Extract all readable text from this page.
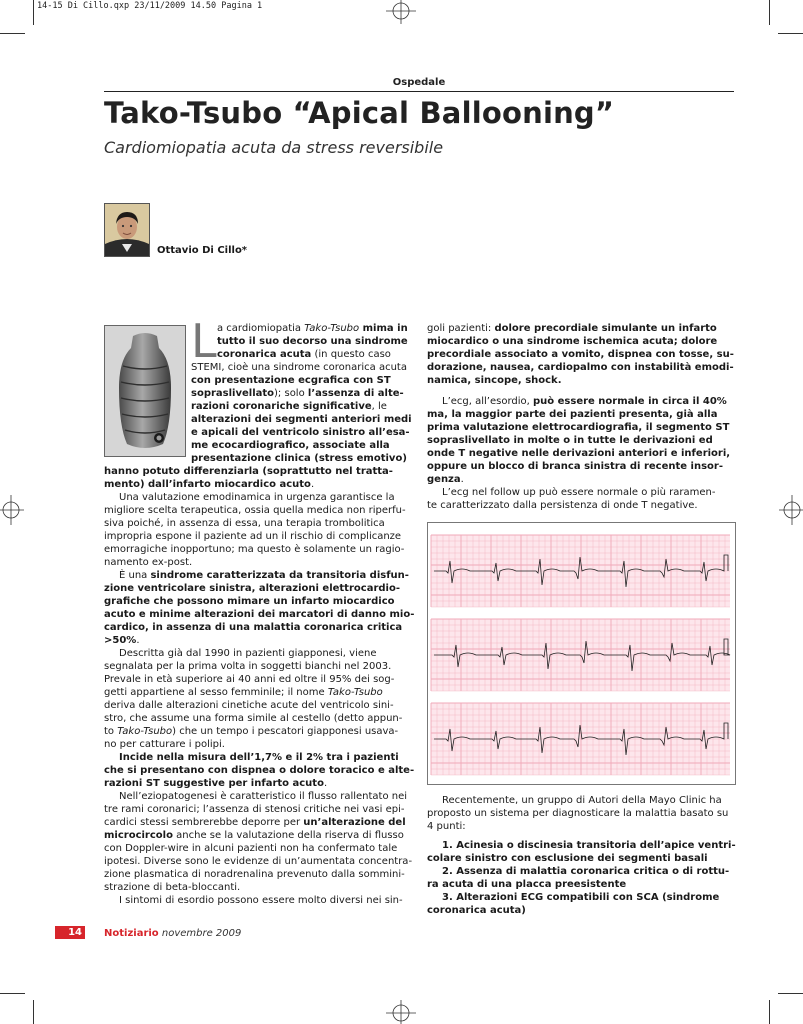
14-15 Di Cillo.qxp 23/11/2009 14.50 Pagina 1
Ospedale
Tako-Tsubo “Apical Ballooning”
Cardiomiopatia acuta da stress reversibile
Ottavio Di Cillo*
L a cardiomiopatia Tako-Tsubo mima in
tutto il suo decorso una sindrome
coronarica acuta (in questo caso
STEMI, cioè una sindrome coronarica acuta
con presentazione ecgrafica con ST
sopraslivellato); solo l’assenza di alte-
razioni coronariche significative, le
alterazioni dei segmenti anteriori medi
e apicali del ventricolo sinistro all’esa-
me ecocardiografico, associate alla
presentazione clinica (stress emotivo)
hanno potuto differenziarla (soprattutto nel tratta-
mento) dall’infarto miocardico acuto.
Una valutazione emodinamica in urgenza garantisce la
migliore scelta terapeutica, ossia quella medica non riperfu-
siva poiché, in assenza di essa, una terapia trombolitica
impropria espone il paziente ad un il rischio di complicanze
emorragiche inopportuno; ma questo è solamente un ragio-
namento ex-post.
È una sindrome caratterizzata da transitoria disfun-
zione ventricolare sinistra, alterazioni elettrocardio-
grafiche che possono mimare un infarto miocardico
acuto e minime alterazioni dei marcatori di danno mio-
cardico, in assenza di una malattia coronarica critica
>50%.
Descritta già dal 1990 in pazienti giapponesi, viene
segnalata per la prima volta in soggetti bianchi nel 2003.
Prevale in età superiore ai 40 anni ed oltre il 95% dei sog-
getti appartiene al sesso femminile; il nome Tako-Tsubo
deriva dalle alterazioni cinetiche acute del ventricolo sini-
stro, che assume una forma simile al cestello (detto appun-
to Tako-Tsubo) che un tempo i pescatori giapponesi usava-
no per catturare i polipi.
Incide nella misura dell’1,7% e il 2% tra i pazienti
che si presentano con dispnea o dolore toracico e alte-
razioni ST suggestive per infarto acuto.
Nell’eziopatogenesi è caratteristico il flusso rallentato nei
tre rami coronarici; l’assenza di stenosi critiche nei vasi epi-
cardici stessi sembrerebbe deporre per un’alterazione del
microcircolo anche se la valutazione della riserva di flusso
con Doppler-wire in alcuni pazienti non ha confermato tale
ipotesi. Diverse sono le evidenze di un’aumentata concentra-
zione plasmatica di noradrenalina prevenuto dalla sommini-
strazione di beta-bloccanti.
I sintomi di esordio possono essere molto diversi nei sin-
goli pazienti: dolore precordiale simulante un infarto
miocardico o una sindrome ischemica acuta; dolore
precordiale associato a vomito, dispnea con tosse, su-
dorazione, nausea, cardiopalmo con instabilità emodi-
namica, sincope, shock.
L’ecg, all’esordio, può essere normale in circa il 40%
ma, la maggior parte dei pazienti presenta, già alla
prima valutazione elettrocardiografia, il segmento ST
sopraslivellato in molte o in tutte le derivazioni ed
onde T negative nelle derivazioni anteriori e inferiori,
oppure un blocco di branca sinistra di recente insor-
genza.
L’ecg nel follow up può essere normale o più raramen-
te caratterizzato dalla persistenza di onde T negative.
Recentemente, un gruppo di Autori della Mayo Clinic ha
proposto un sistema per diagnosticare la malattia basato su
4 punti:
1. Acinesia o discinesia transitoria dell’apice ventri-
colare sinistro con esclusione dei segmenti basali
2. Assenza di malattia coronarica critica o di rottu-
ra acuta di una placca preesistente
3. Alterazioni ECG compatibili con SCA (sindrome
coronarica acuta)
14	Notiziario novembre 2009
